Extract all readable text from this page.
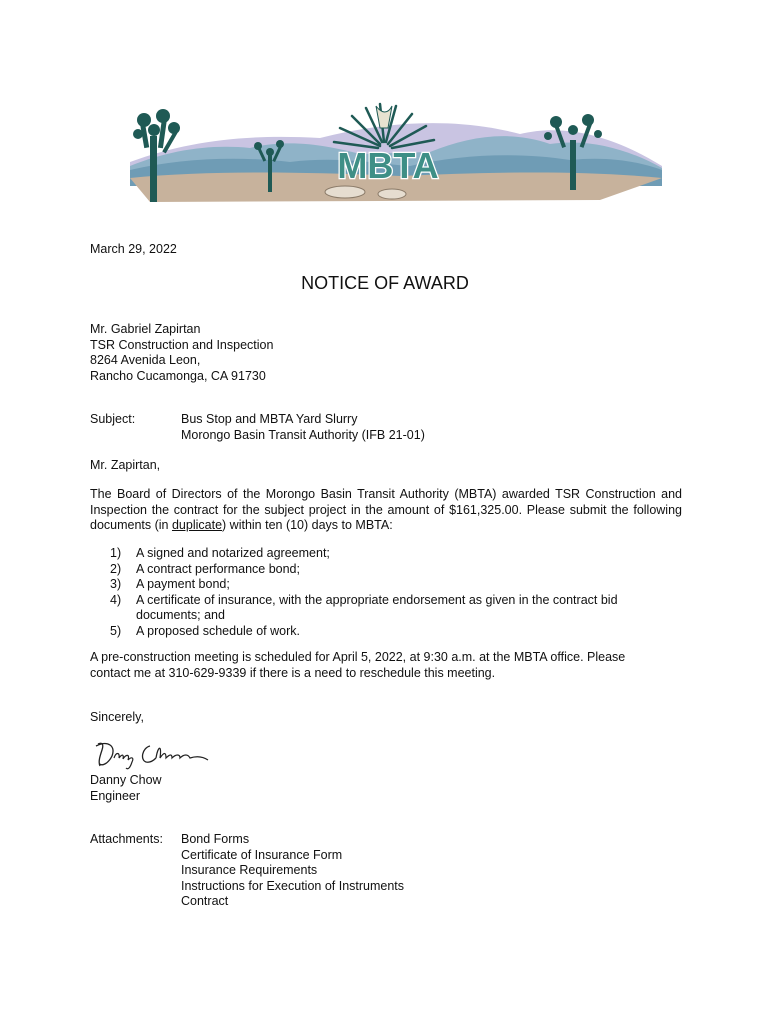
MBTA
March 29, 2022
NOTICE OF AWARD
Mr. Gabriel Zapirtan
TSR Construction and Inspection
8264 Avenida Leon,
Rancho Cucamonga, CA 91730
Subject:	Bus Stop and MBTA Yard Slurry
Morongo Basin Transit Authority (IFB 21-01)
Mr. Zapirtan,
The Board of Directors of the Morongo Basin Transit Authority (MBTA) awarded TSR Construction and Inspection the contract for the subject project in the amount of $161,325.00. Please submit the following documents (in duplicate) within ten (10) days to MBTA:
1) A signed and notarized agreement;
2) A contract performance bond;
3) A payment bond;
4) A certificate of insurance, with the appropriate endorsement as given in the contract bid documents; and
5) A proposed schedule of work.
A pre-construction meeting is scheduled for April 5, 2022, at 9:30 a.m. at the MBTA office. Please contact me at 310-629-9339 if there is a need to reschedule this meeting.
Sincerely,
Danny Chow
Engineer
Attachments: Bond Forms
Certificate of Insurance Form
Insurance Requirements
Instructions for Execution of Instruments
Contract
